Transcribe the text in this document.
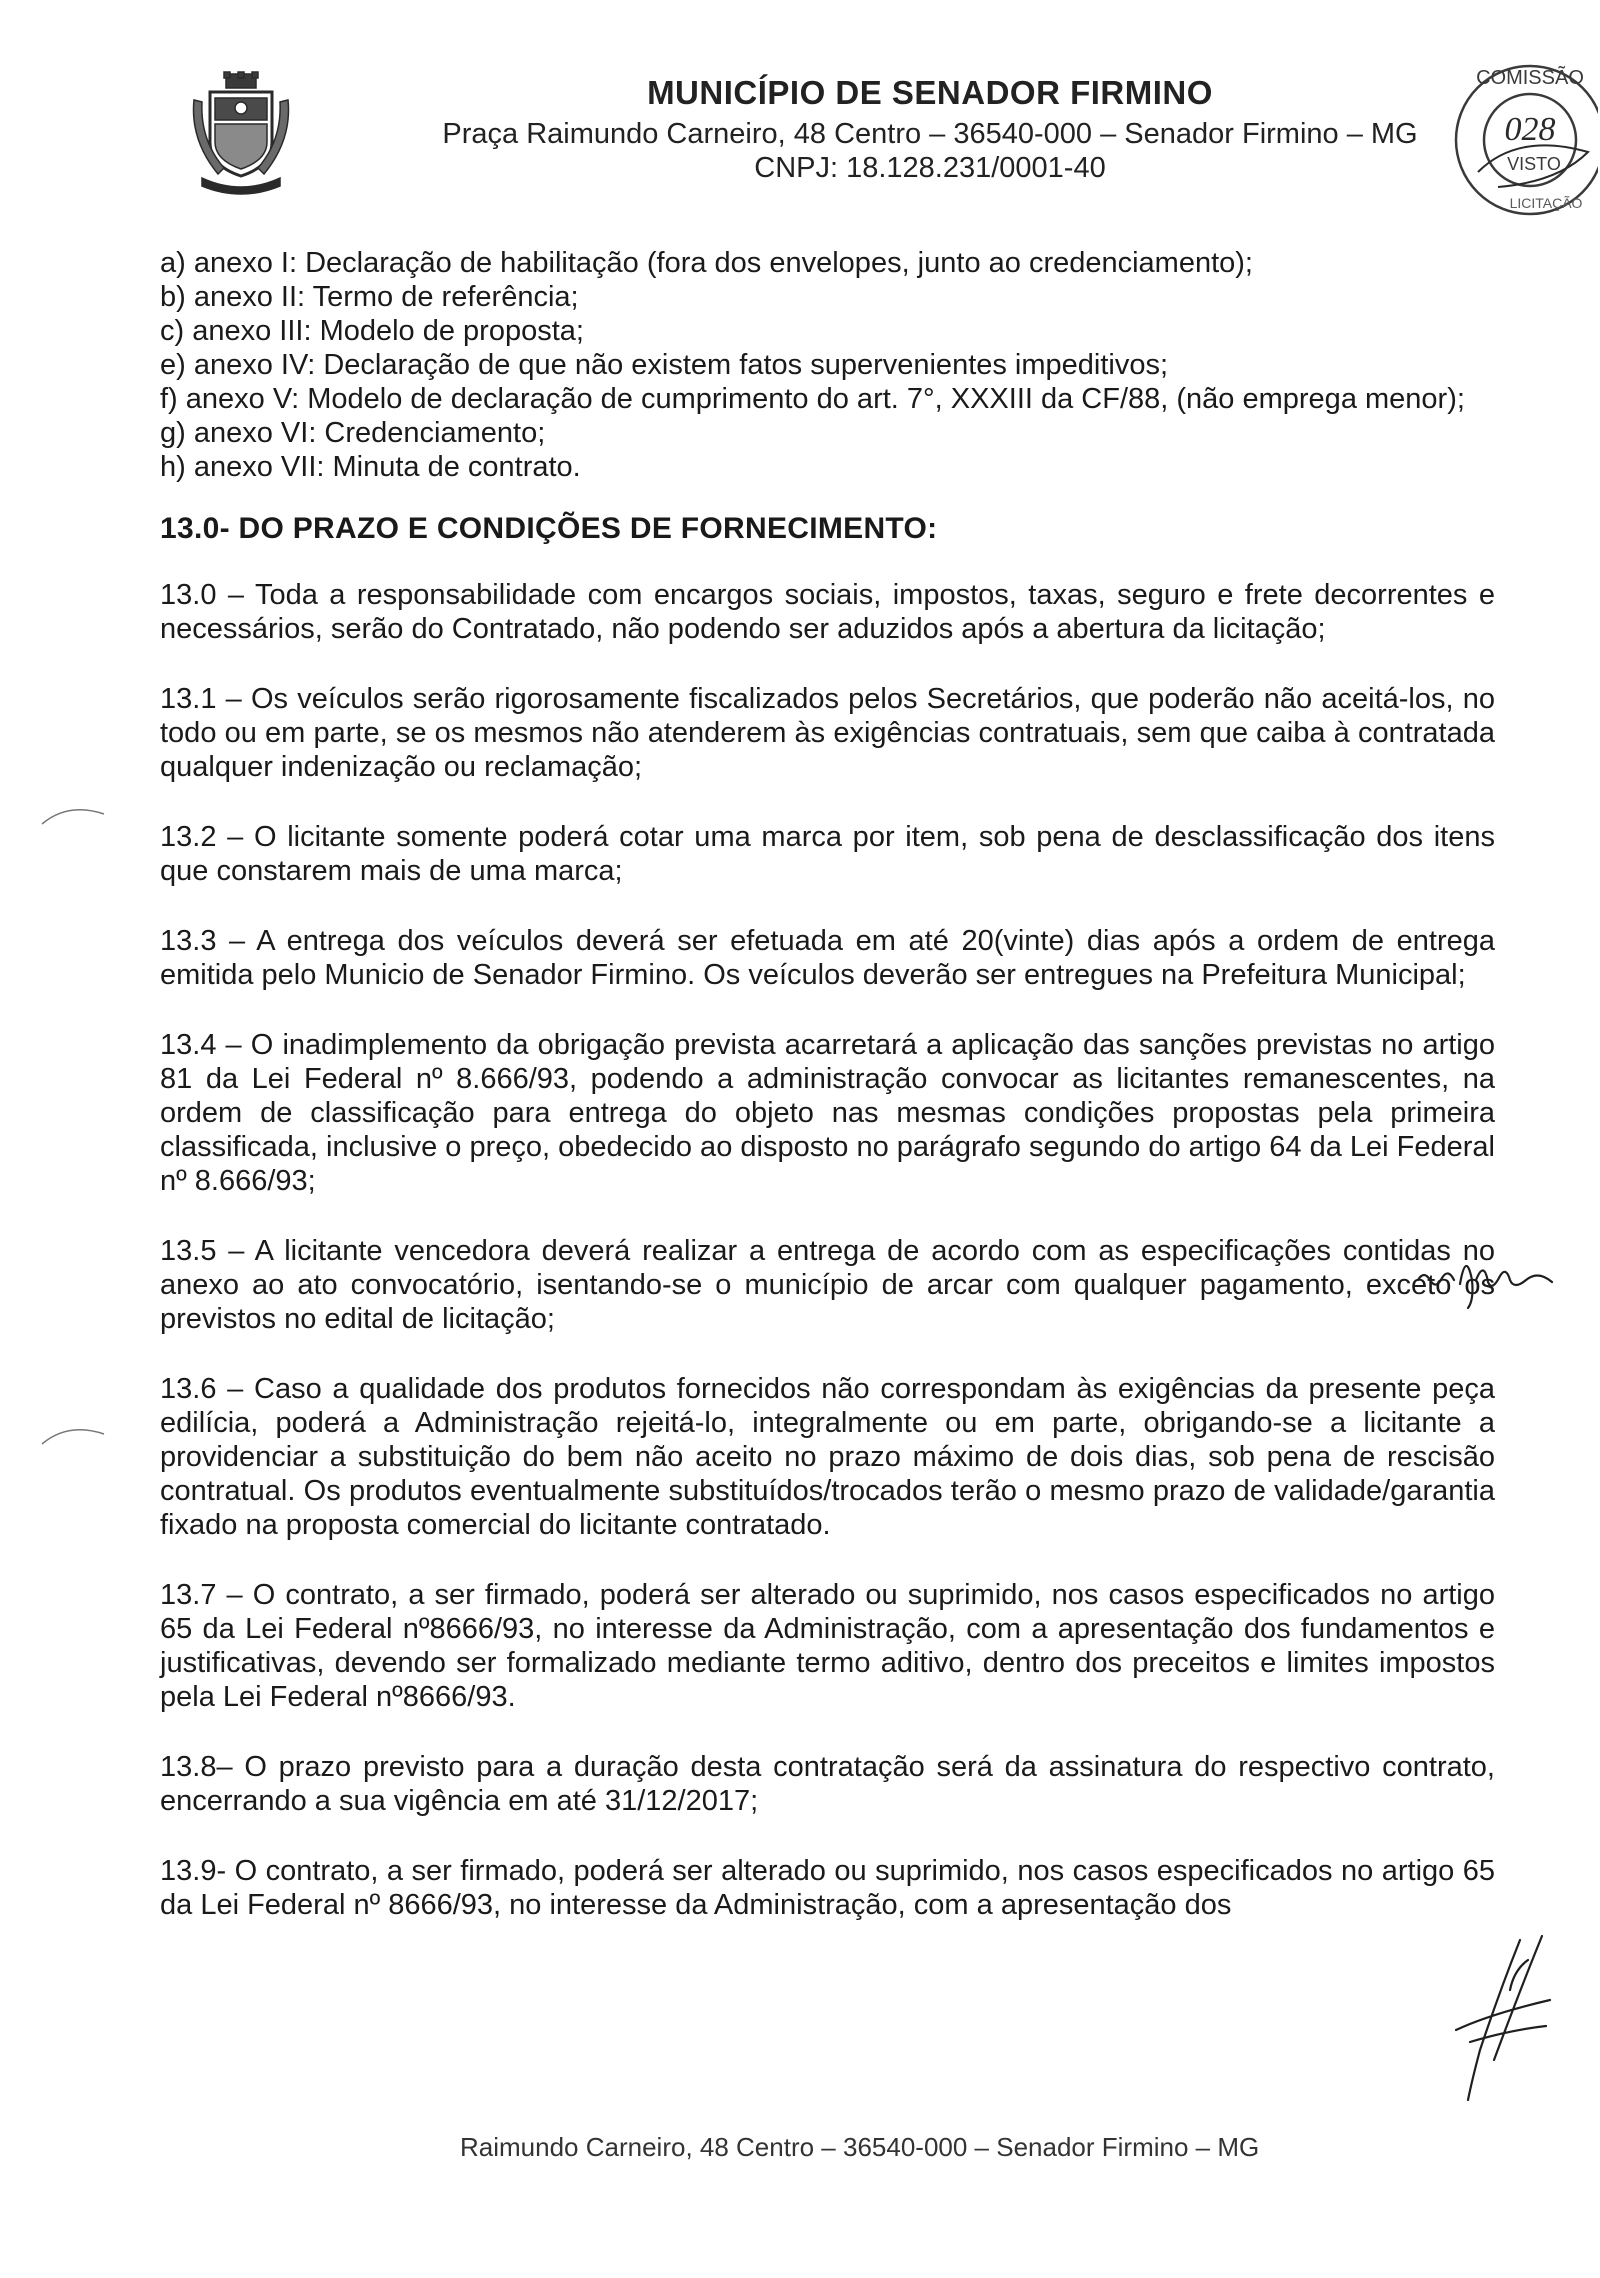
MUNICÍPIO DE SENADOR FIRMINO
Praça Raimundo Carneiro, 48 Centro – 36540-000 – Senador Firmino – MG
CNPJ: 18.128.231/0001-40
COMISSÃO
028
VISTO
LICITAÇÃO

a) anexo I: Declaração de habilitação (fora dos envelopes, junto ao credenciamento);

b) anexo II: Termo de referência;

c) anexo III: Modelo de proposta;

e) anexo IV: Declaração de que não existem fatos supervenientes impeditivos;

f) anexo V: Modelo de declaração de cumprimento do art. 7°, XXXIII da CF/88, (não emprega menor);

g) anexo VI: Credenciamento;

h) anexo VII: Minuta de contrato.

13.0- DO PRAZO E CONDIÇÕES DE FORNECIMENTO:

13.0 – Toda a responsabilidade com encargos sociais, impostos, taxas, seguro e frete decorrentes e necessários, serão do Contratado, não podendo ser aduzidos após a abertura da licitação;

13.1 – Os veículos serão rigorosamente fiscalizados pelos Secretários, que poderão não aceitá-los, no todo ou em parte, se os mesmos não atenderem às exigências contratuais, sem que caiba à contratada qualquer indenização ou reclamação;

13.2 – O licitante somente poderá cotar uma marca por item, sob pena de desclassificação dos itens que constarem mais de uma marca;

13.3 – A entrega dos veículos deverá ser efetuada em até 20(vinte) dias após a ordem de entrega emitida pelo Municio de Senador Firmino. Os veículos deverão ser entregues na Prefeitura Municipal;

13.4 – O inadimplemento da obrigação prevista acarretará a aplicação das sanções previstas no artigo 81 da Lei Federal nº 8.666/93, podendo a administração convocar as licitantes remanescentes, na ordem de classificação para entrega do objeto nas mesmas condições propostas pela primeira classificada, inclusive o preço, obedecido ao disposto no parágrafo segundo do artigo 64 da Lei Federal nº 8.666/93;

13.5 – A licitante vencedora deverá realizar a entrega de acordo com as especificações contidas no anexo ao ato convocatório, isentando-se o município de arcar com qualquer pagamento, exceto os previstos no edital de licitação;

13.6 – Caso a qualidade dos produtos fornecidos não correspondam às exigências da presente peça edilícia, poderá a Administração rejeitá-lo, integralmente ou em parte, obrigando-se a licitante a providenciar a substituição do bem não aceito no prazo máximo de dois dias, sob pena de rescisão contratual. Os produtos eventualmente substituídos/trocados terão o mesmo prazo de validade/garantia fixado na proposta comercial do licitante contratado.

13.7 – O contrato, a ser firmado, poderá ser alterado ou suprimido, nos casos especificados no artigo 65 da Lei Federal nº8666/93, no interesse da Administração, com a apresentação dos fundamentos e justificativas, devendo ser formalizado mediante termo aditivo, dentro dos preceitos e limites impostos pela Lei Federal nº8666/93.

13.8– O prazo previsto para a duração desta contratação será da assinatura do respectivo contrato, encerrando a sua vigência em até 31/12/2017;

13.9- O contrato, a ser firmado, poderá ser alterado ou suprimido, nos casos especificados no artigo 65 da Lei Federal nº 8666/93, no interesse da Administração, com a apresentação dos

Raimundo Carneiro, 48 Centro – 36540-000 – Senador Firmino – MG
